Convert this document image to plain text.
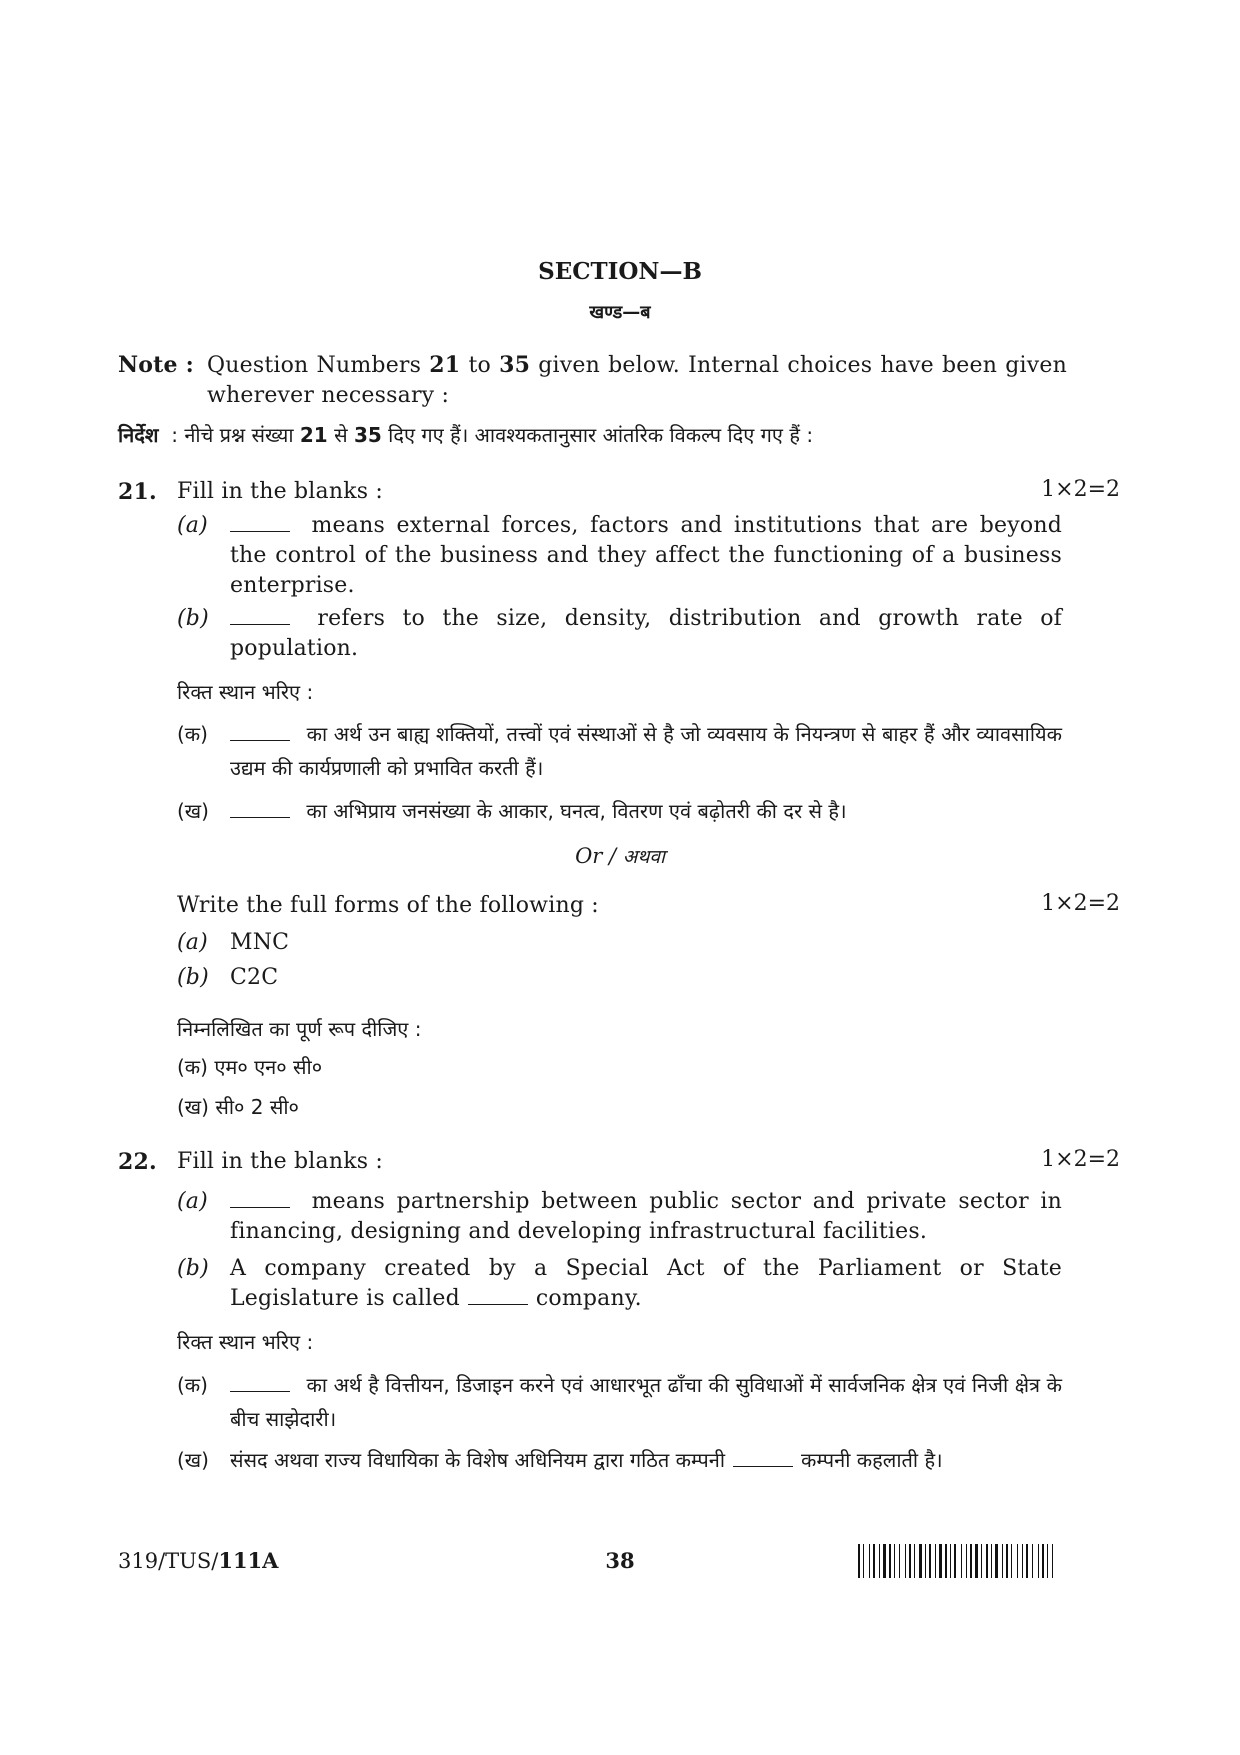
SECTION—B
खण्ड—ब
Note : Question Numbers 21 to 35 given below. Internal choices have been given wherever necessary :
निर्देश  : नीचे प्रश्न संख्या 21 से 35 दिए गए हैं। आवश्यकतानुसार आंतरिक विकल्प दिए गए हैं :
21. Fill in the blanks :	1×2=2
(a)	means external forces, factors and institutions that are beyond the control of the business and they affect the functioning of a business enterprise.
(b)	refers to the size, density, distribution and growth rate of population.
रिक्त स्थान भरिए :
(क)	का अर्थ उन बाह्य शक्तियों, तत्त्वों एवं संस्थाओं से है जो व्यवसाय के नियन्त्रण से बाहर हैं और व्यावसायिक उद्यम की कार्यप्रणाली को प्रभावित करती हैं।
(ख)	का अभिप्राय जनसंख्या के आकार, घनत्व, वितरण एवं बढ़ोतरी की दर से है।
Or / अथवा
Write the full forms of the following :	1×2=2
(a) MNC
(b) C2C
निम्नलिखित का पूर्ण रूप दीजिए :
(क) एम० एन० सी०
(ख) सी० 2 सी०
22. Fill in the blanks :	1×2=2
(a)	means partnership between public sector and private sector in financing, designing and developing infrastructural facilities.
(b) A company created by a Special Act of the Parliament or State Legislature is called	company.
रिक्त स्थान भरिए :
(क)	का अर्थ है वित्तीयन, डिजाइन करने एवं आधारभूत ढाँचा की सुविधाओं में सार्वजनिक क्षेत्र एवं निजी क्षेत्र के बीच साझेदारी।
(ख) संसद अथवा राज्य विधायिका के विशेष अधिनियम द्वारा गठित कम्पनी	कम्पनी कहलाती है।
319/TUS/111A	38
